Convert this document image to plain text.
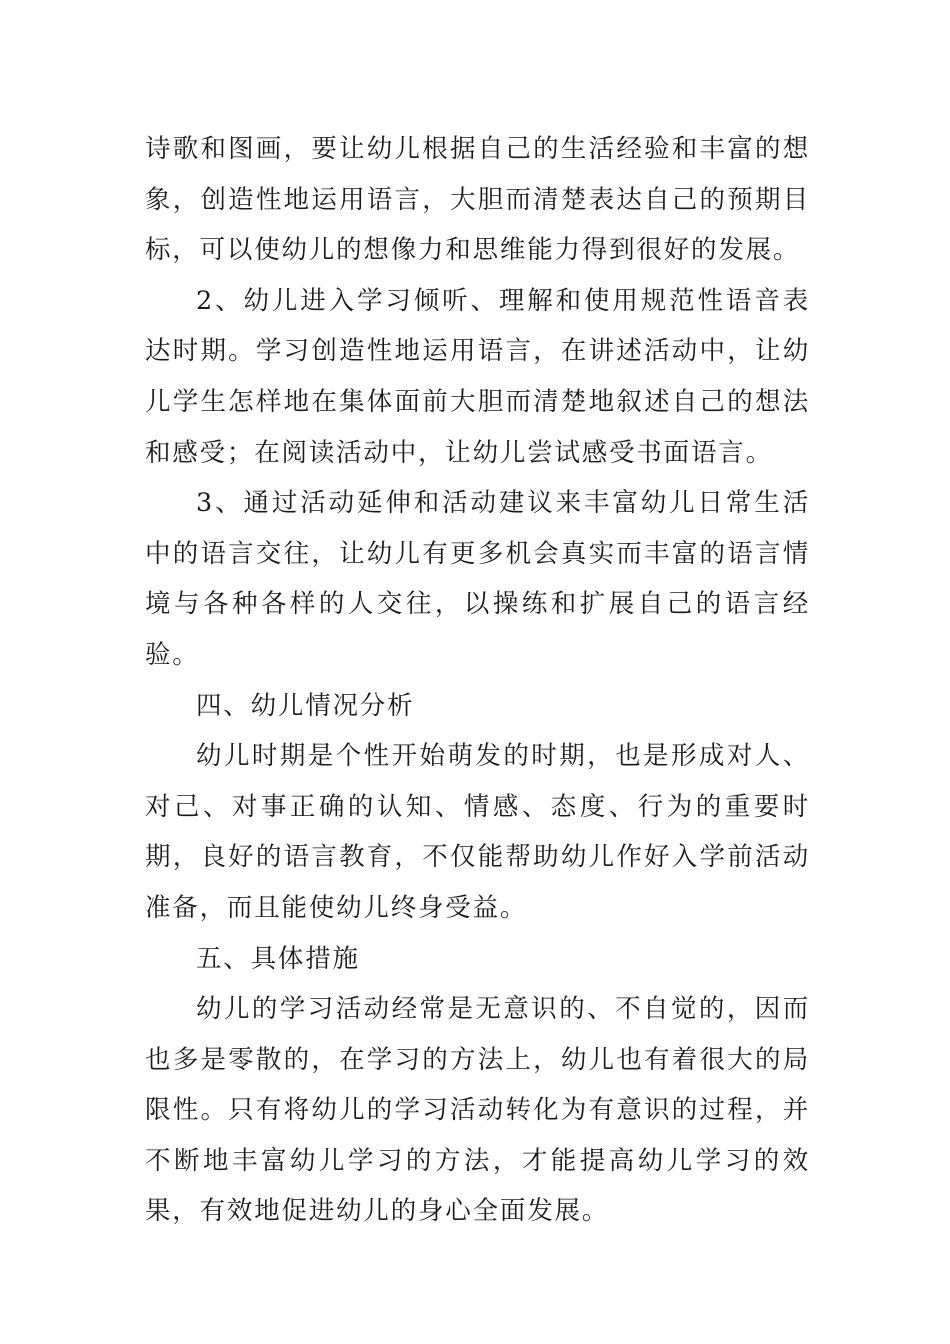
诗歌和图画，要让幼儿根据自己的生活经验和丰富的想象，创造性地运用语言，大胆而清楚表达自己的预期目标，可以使幼儿的想像力和思维能力得到很好的发展。

2、幼儿进入学习倾听、理解和使用规范性语音表达时期。学习创造性地运用语言，在讲述活动中，让幼儿学生怎样地在集体面前大胆而清楚地叙述自己的想法和感受；在阅读活动中，让幼儿尝试感受书面语言。

3、通过活动延伸和活动建议来丰富幼儿日常生活中的语言交往，让幼儿有更多机会真实而丰富的语言情境与各种各样的人交往，以操练和扩展自己的语言经验。

四、幼儿情况分析

幼儿时期是个性开始萌发的时期，也是形成对人、对己、对事正确的认知、情感、态度、行为的重要时期，良好的语言教育，不仅能帮助幼儿作好入学前活动准备，而且能使幼儿终身受益。

五、具体措施

幼儿的学习活动经常是无意识的、不自觉的，因而也多是零散的，在学习的方法上，幼儿也有着很大的局限性。只有将幼儿的学习活动转化为有意识的过程，并不断地丰富幼儿学习的方法，才能提高幼儿学习的效果，有效地促进幼儿的身心全面发展。
